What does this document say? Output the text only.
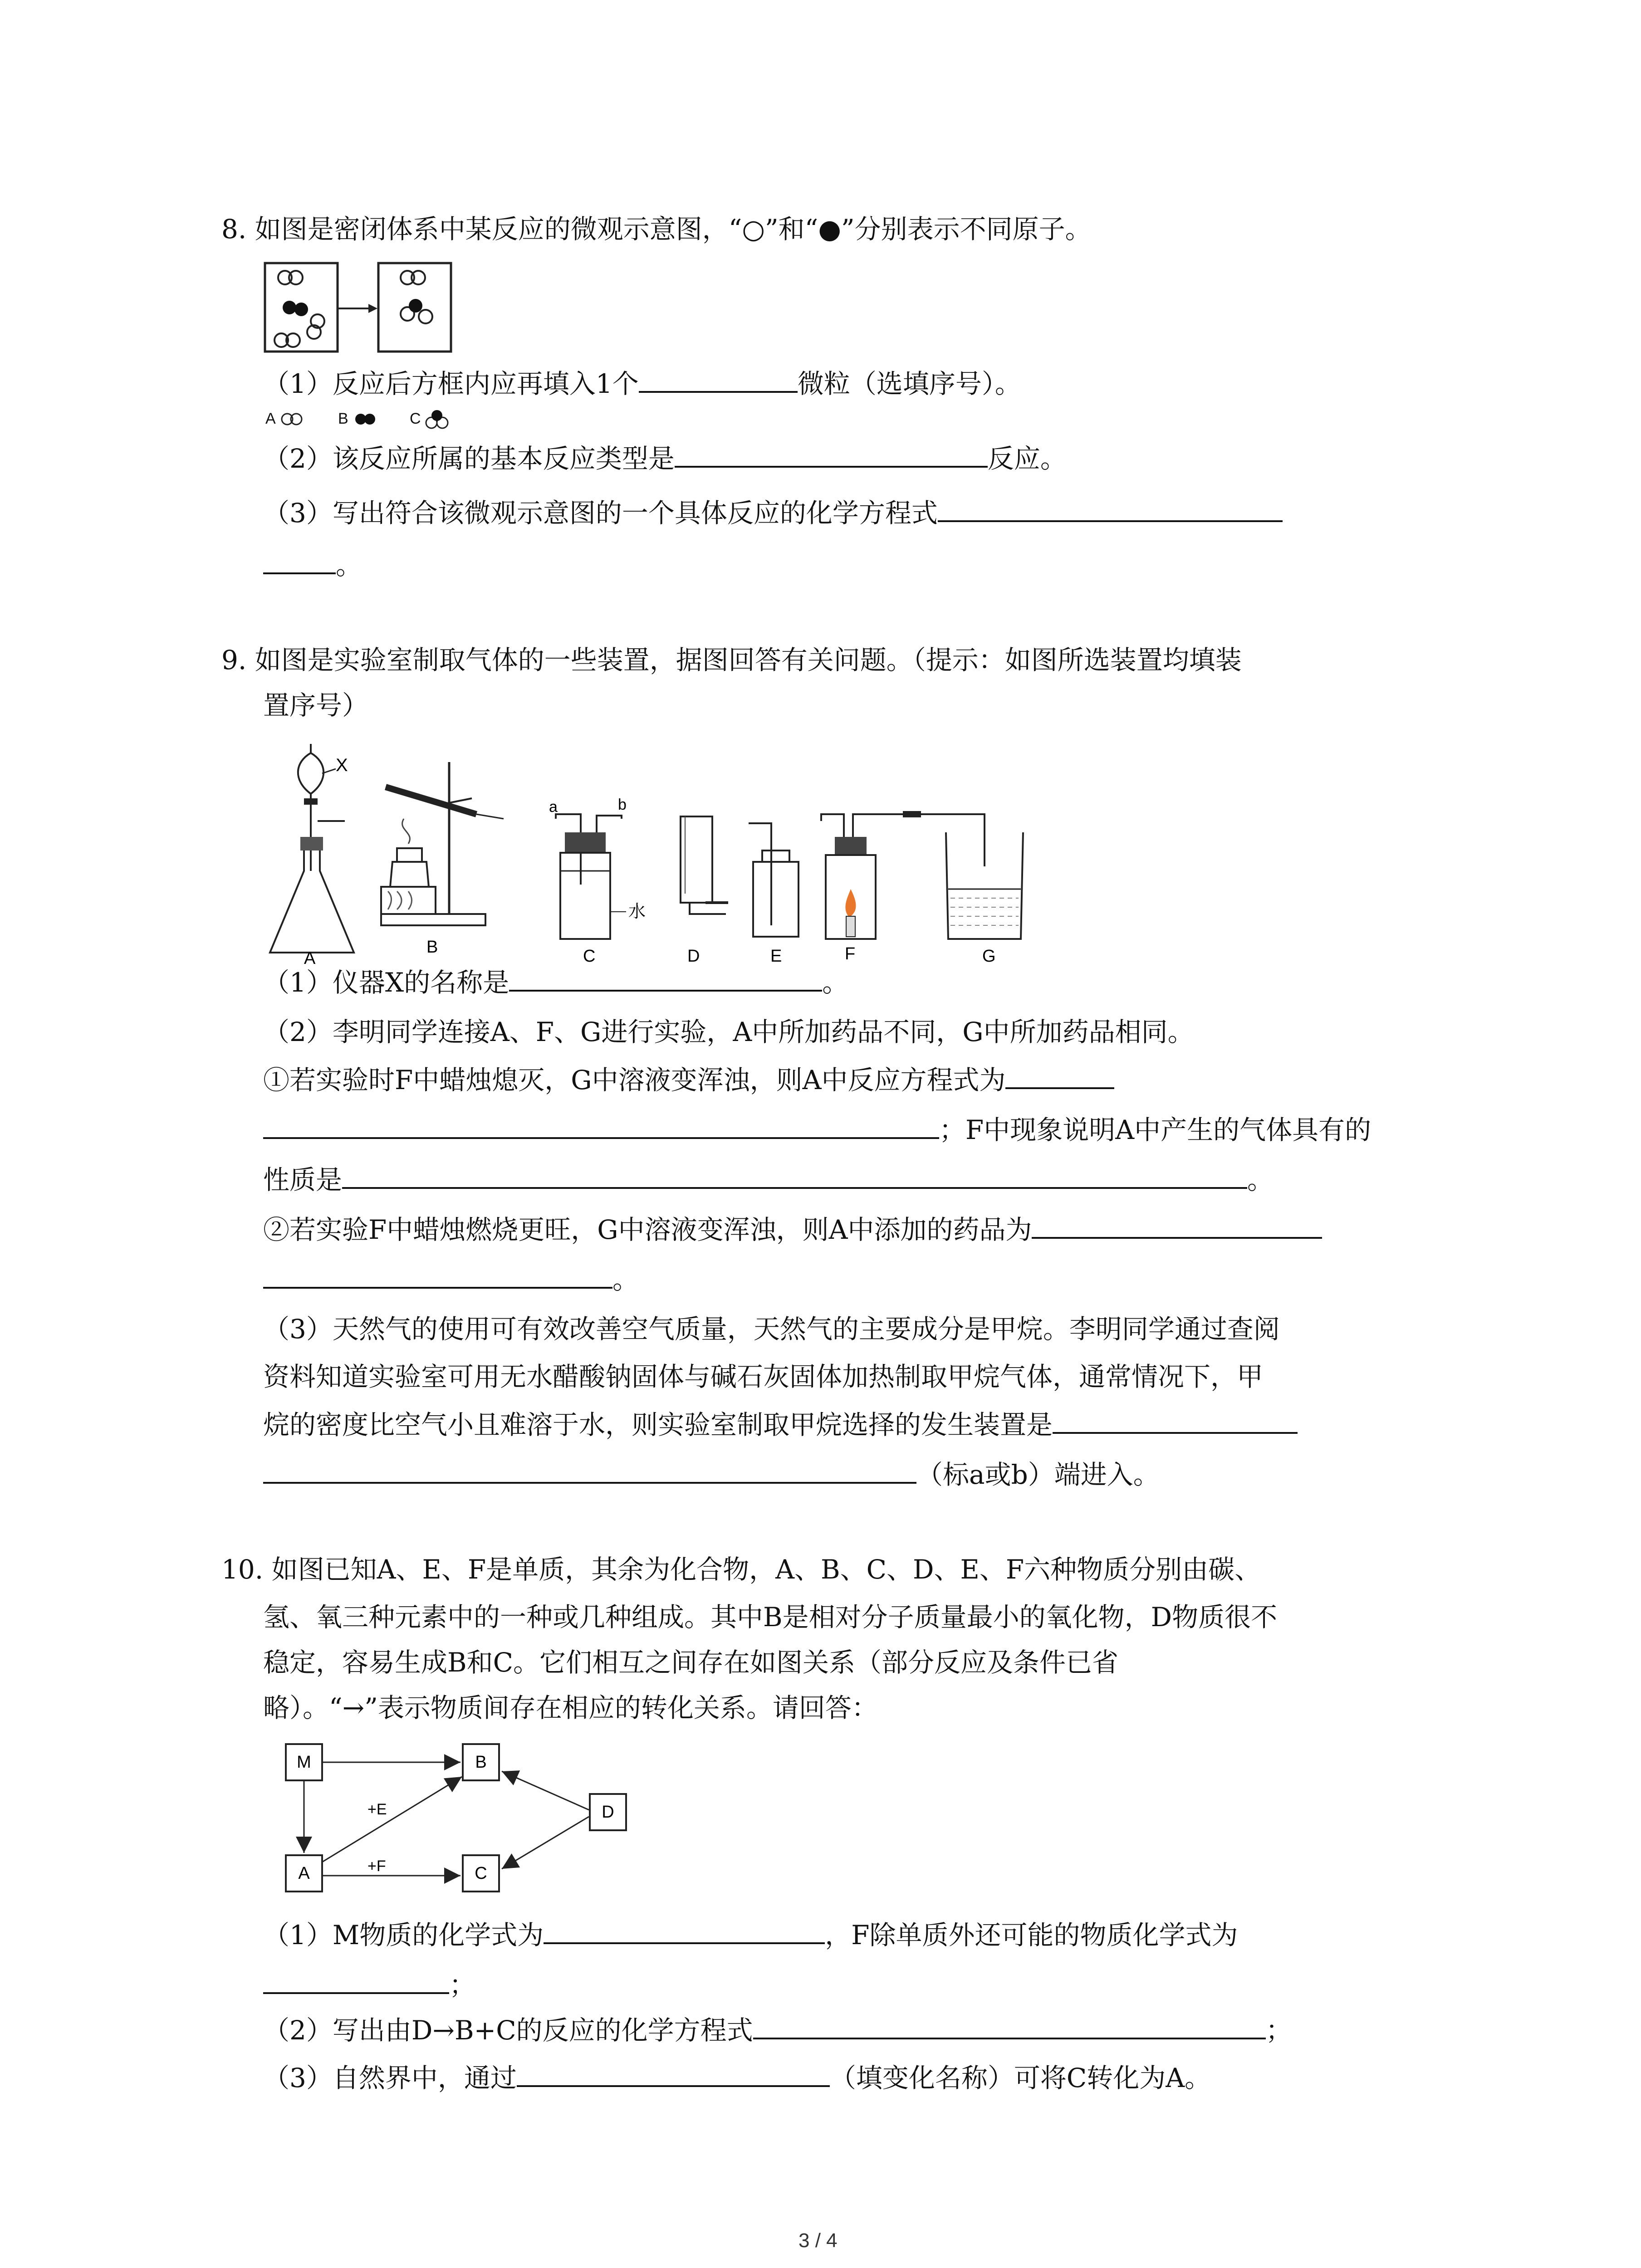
8. 如图是密闭体系中某反应的微观示意图，“○”和“●”分别表示不同原子。
（1）反应后方框内应再填入1个	微粒（选填序号）。
A	B	C
（2）该反应所属的基本反应类型是	反应。
（3）写出符合该微观示意图的一个具体反应的化学方程式
。
9. 如图是实验室制取气体的一些装置，据图回答有关问题。（提示：如图所选装置均填装
置序号）
X
a	b
水
A
B	C	D	E	F	G
（1）仪器X的名称是	。
（2）李明同学连接A、F、G进行实验，A中所加药品不同，G中所加药品相同。
①若实验时F中蜡烛熄灭，G中溶液变浑浊，则A中反应方程式为
；F中现象说明A中产生的气体具有的
性质是	。
②若实验F中蜡烛燃烧更旺，G中溶液变浑浊，则A中添加的药品为
。
（3）天然气的使用可有效改善空气质量，天然气的主要成分是甲烷。李明同学通过查阅
资料知道实验室可用无水醋酸钠固体与碱石灰固体加热制取甲烷气体，通常情况下，甲
烷的密度比空气小且难溶于水，则实验室制取甲烷选择的发生装置是
（标a或b）端进入。
10. 如图已知A、E、F是单质，其余为化合物，A、B、C、D、E、F六种物质分别由碳、
氢、氧三种元素中的一种或几种组成。其中B是相对分子质量最小的氧化物，D物质很不
稳定，容易生成B和C。它们相互之间存在如图关系（部分反应及条件已省
略）。“→”表示物质间存在相应的转化关系。请回答：
M	B
D
A	C
+E
+F
（1）M物质的化学式为	，F除单质外还可能的物质化学式为
；
（2）写出由D→B+C的反应的化学方程式	；
（3）自然界中，通过	（填变化名称）可将C转化为A。
3 / 4
